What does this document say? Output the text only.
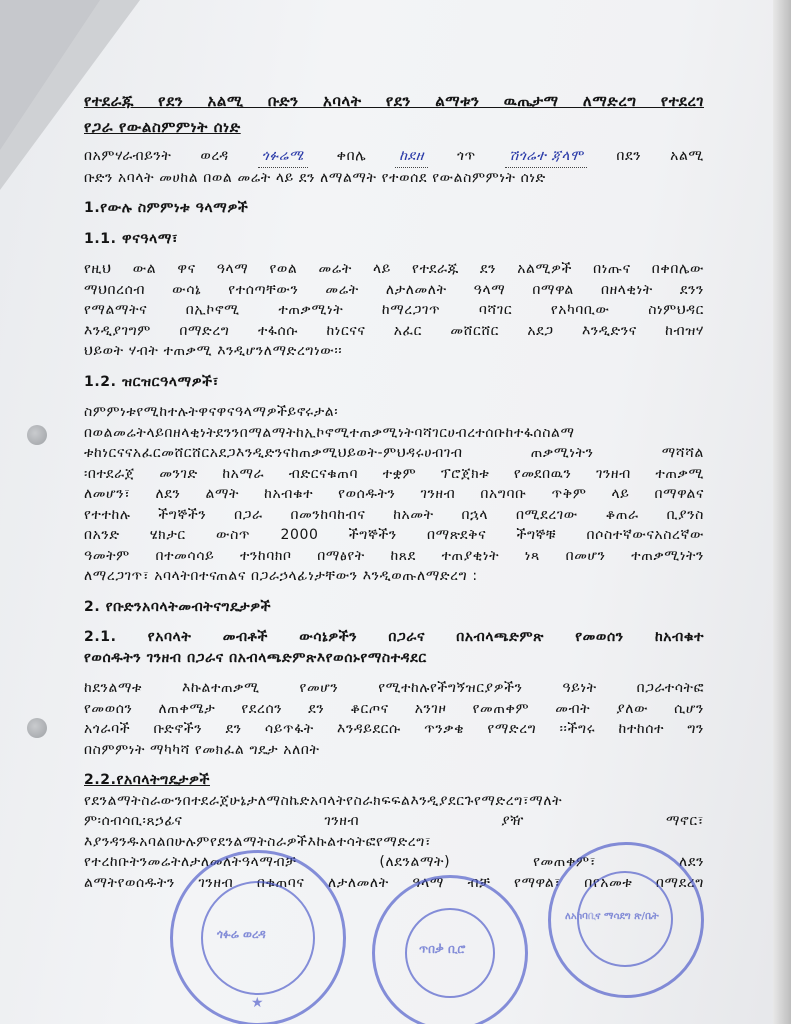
የተደራጁ የደን አልሚ ቡድን አባላት የደን ልማቱን ዉጤታማ ለማድረግ የተደረገ
የጋራ የውልስምምነት ሰነድ
በአምሃራብይንት ወረዳ ጎፉሬሜ ቀበሌ ከደዘ ጎጥ ሽጎሬተ ጃላሞ በደን አልሚ
ቡድን አባላት መሀከል በወል መሬት ላይ ደን ለማልማት የተወሰደ የውልስምምነት ሰነድ
1.የውሉ ስምምነቱ ዓላማዎች
1.1. ዋናዓላማ፣
የዚህ ውል ዋና ዓላማ የወል መሬት ላይ የተደራጁ ደን አልሚዎች በነጡና በቀበሌው
ማህበረሰብ ውሳኔ የተሰጣቸውን መሬት ለታለመለት ዓላማ በማዋል በዘላቂነት ደንን
የማልማትና በኢኮኖሚ ተጠቃሚነት ከማረጋገጥ ባሻገር የአካባቢው ስነምህዳር
እንዲያገግም በማድረግ ተፋሰሱ ከነርናና አፈር መሸርሸር አደጋ እንዲድንና ከብዝሃ
ህይወት ሃብት ተጠቃሚ እንዲሆንለማድረግነው፡፡
1.2. ዝርዝርዓላማዎች፣
ስምምነቱየሚከተሉትዋናዋናዓላማዎችይኖሩታል፡
በወልመሬትላይበዘላቂነትደንንበማልማትከኢኮኖሚተጠቃሚነትባሻገርሀብረተሰቡከተፋሰስልማ
ቱከነርናናአፈርመሸርሸርአደጋእንዲድንናከጠቃሚህይወት-ምህዳሩሀብገብ ጠቃሚነትን ማሻሻል
፡በተደራጀ መንገድ ከአማራ ብድርናቁጠባ ተቋም ፕሮጀክቱ የመደበዉን ገንዘብ ተጠቃሚ
ለመሆን፣ ለደን ልማት ከአብቁተ የወሰዱትን ገንዘብ በአግባቡ ጥቅም ላይ በማዋልና
የተተከሉ ችግኞችን በጋራ በመንከባከብና ከአመት በኋላ በሚደረገው ቆጠራ ቢያንስ
በአንድ ሄክታር ውስጥ 2000 ችግኞችን በማጽደቅና ችግኞቹ በሶስተኛውናአስረኛው
ዓመትም በተመሳሳይ ተንከባክቦ በማፅየት ከጸደ ተጠያቂነት ነጻ በመሆን ተጠቃሚነትን
ለማረጋገጥ፣ አባላትበተናጠልና በጋራኃላፊነታቸውን እንዲወጡለማድረግ :
2. የቡድንአባላትመብትናግዴታዎች
2.1. የአባላት መብቶች ውሳኔዎችን በጋራና በአብላጫድምጽ የመወሰን ከአብቁተ
የወሰዱትን ገንዘብ በጋራና በአብላጫድምጽእየወሰኑየማስተዳደር
ከደንልማቱ እኩልተጠቃሚ የመሆን የሚተከሉየችግኝዝርያዎችን ዓይነት በጋራተሳትፎ
የመወሰን ለጠቀሜታ የደረሰን ደን ቆርጦና አንገዞ የመጠቀም መብት ያለው ሲሆን
አጎራባች ቡድኖችን ደን ሳይጥፋት እንዳይደርሱ ጥንቃቄ የማድረግ ፡፡ችግሩ ከተከሰተ ግን
በስምምነት ማካካሻ የመክፈል ግዴታ አለበት
2.2.የአባላትግዴታዎች
የደንልማትስራውንበተደራጀሁኔታለማስኬድአባላትየስራክፍፍልእንዲያደርጉየማድረግ፣ማለት
ም፡ሰብሳቢ፡ጸኃፊና ገንዘብ ያዥ ማኖር፣
እያንዳንዱአባልበሁሉምየደንልማትስራዎችእኩልተሳትፎየማድረግ፣
የተረከቡትንመሬትለታለመለትዓላማብቻ (ለደንልማት) የመጠቀም፣ ለደን
ልማትየወሰዱትን ገንዘብ በቁጠባና ለታለመለት ዓላማ ብቻ የማዋል፣ በየአመቱ በማደረግ
ጎፉሬ ወረዳ
★
ጥበቃ ቢሮ
ለአካባቢና ማሳደግ ጽ/ቤት
